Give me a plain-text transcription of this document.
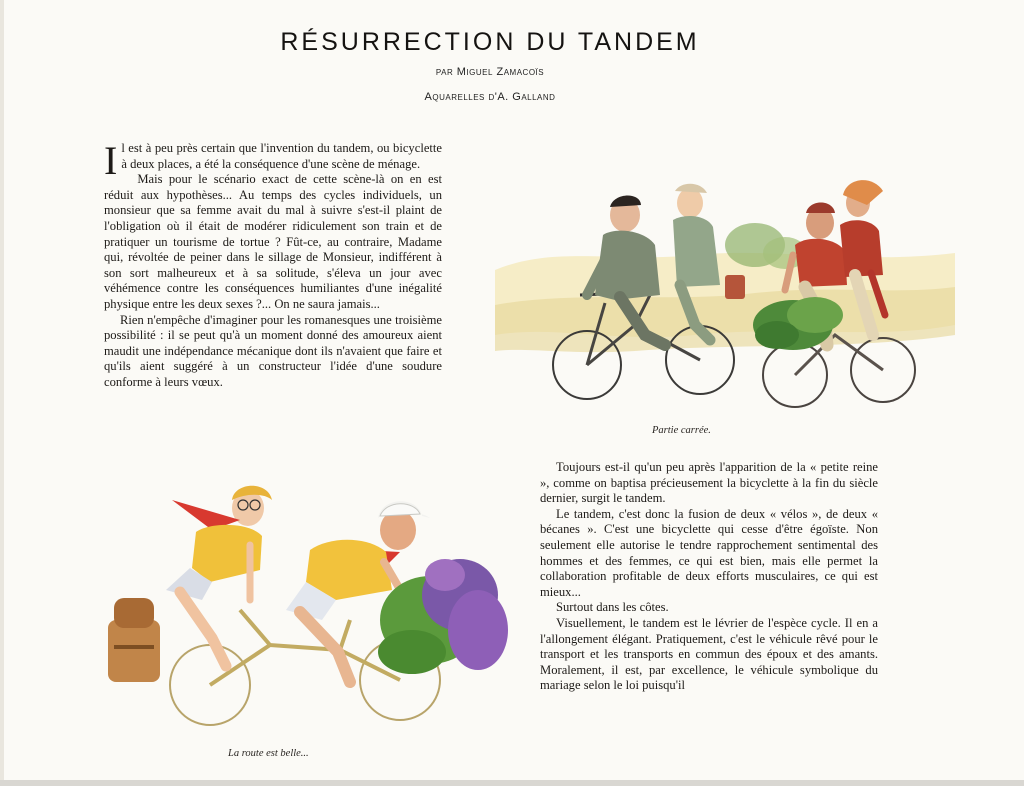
RÉSURRECTION DU TANDEM
par Miguel Zamacoïs
Aquarelles d'A. Galland

Il est à peu près certain que l'invention du tandem, ou bicyclette à deux places, a été la conséquence d'une scène de ménage.

Mais pour le scénario exact de cette scène-là on en est réduit aux hypothèses... Au temps des cycles individuels, un monsieur que sa femme avait du mal à suivre s'est-il plaint de l'obligation où il était de modérer ridiculement son train et de pratiquer un tourisme de tortue ? Fût-ce, au contraire, Madame qui, révoltée de peiner dans le sillage de Monsieur, indifférent à son sort malheureux et à sa solitude, s'éleva un jour avec véhémence contre les conséquences humiliantes d'une inégalité physique entre les deux sexes ?... On ne saura jamais...

Rien n'empêche d'imaginer pour les romanesques une troisième possibilité : il se peut qu'à un moment donné des amoureux aient maudit une indépendance mécanique dont ils n'avaient que faire et qu'ils aient suggéré à un constructeur l'idée d'une soudure conforme à leurs vœux.

Partie carrée.
La route est belle...

Toujours est-il qu'un peu après l'apparition de la « petite reine », comme on baptisa précieusement la bicyclette à la fin du siècle dernier, surgit le tandem.

Le tandem, c'est donc la fusion de deux « vélos », de deux « bécanes ». C'est une bicyclette qui cesse d'être égoïste. Non seulement elle autorise le tendre rapprochement sentimental des hommes et des femmes, ce qui est bien, mais elle permet la collaboration profitable de deux efforts musculaires, ce qui est mieux...

Surtout dans les côtes.

Visuellement, le tandem est le lévrier de l'espèce cycle. Il en a l'allongement élégant. Pratiquement, c'est le véhicule rêvé pour le transport et les transports en commun des époux et des amants. Moralement, il est, par excellence, le véhicule symbolique du mariage selon le loi puisqu'il
